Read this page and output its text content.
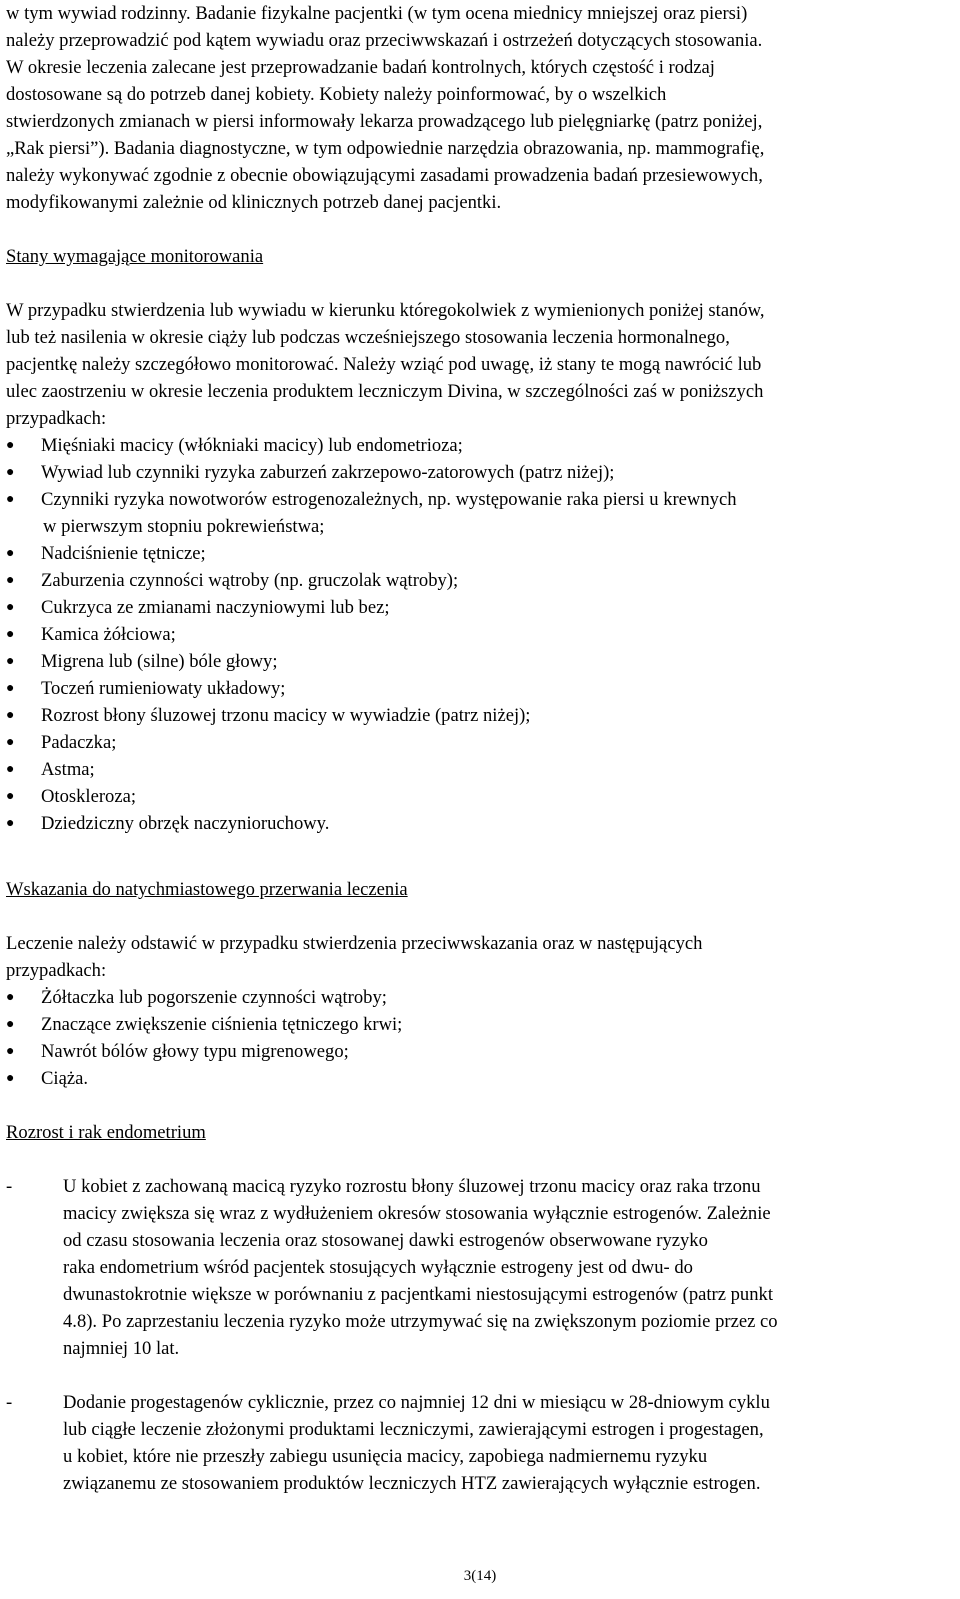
w tym wywiad rodzinny. Badanie fizykalne pacjentki (w tym ocena miednicy mniejszej oraz piersi)
należy przeprowadzić pod kątem wywiadu oraz przeciwwskazań i ostrzeżeń dotyczących stosowania.
W okresie leczenia zalecane jest przeprowadzanie badań kontrolnych, których częstość i rodzaj
dostosowane są do potrzeb danej kobiety. Kobiety należy poinformować, by o wszelkich
stwierdzonych zmianach w piersi informowały lekarza prowadzącego lub pielęgniarkę (patrz poniżej,
„Rak piersi”). Badania diagnostyczne, w tym odpowiednie narzędzia obrazowania, np. mammografię,
należy wykonywać zgodnie z obecnie obowiązującymi zasadami prowadzenia badań przesiewowych,
modyfikowanymi zależnie od klinicznych potrzeb danej pacjentki.

Stany wymagające monitorowania

W przypadku stwierdzenia lub wywiadu w kierunku któregokolwiek z wymienionych poniżej stanów,
lub też nasilenia w okresie ciąży lub podczas wcześniejszego stosowania leczenia hormonalnego,
pacjentkę należy szczegółowo monitorować. Należy wziąć pod uwagę, iż stany te mogą nawrócić lub
ulec zaostrzeniu w okresie leczenia produktem leczniczym Divina, w szczególności zaś w poniższych
przypadkach:

●	Mięśniaki macicy (włókniaki macicy) lub endometrioza;
●	Wywiad lub czynniki ryzyka zaburzeń zakrzepowo-zatorowych (patrz niżej);
●	Czynniki ryzyka nowotworów estrogenozależnych, np. występowanie raka piersi u krewnych
w pierwszym stopniu pokrewieństwa;
●	Nadciśnienie tętnicze;
●	Zaburzenia czynności wątroby (np. gruczolak wątroby);
●	Cukrzyca ze zmianami naczyniowymi lub bez;
●	Kamica żółciowa;
●	Migrena lub (silne) bóle głowy;
●	Toczeń rumieniowaty układowy;
●	Rozrost błony śluzowej trzonu macicy w wywiadzie (patrz niżej);
●	Padaczka;
●	Astma;
●	Otoskleroza;
●	Dziedziczny obrzęk naczynioruchowy.

Wskazania do natychmiastowego przerwania leczenia

Leczenie należy odstawić w przypadku stwierdzenia przeciwwskazania oraz w następujących
przypadkach:

●	Żółtaczka lub pogorszenie czynności wątroby;
●	Znaczące zwiększenie ciśnienia tętniczego krwi;
●	Nawrót bólów głowy typu migrenowego;
●	Ciąża.

Rozrost i rak endometrium

-	U kobiet z zachowaną macicą ryzyko rozrostu błony śluzowej trzonu macicy oraz raka trzonu
macicy zwiększa się wraz z wydłużeniem okresów stosowania wyłącznie estrogenów. Zależnie
od czasu stosowania leczenia oraz stosowanej dawki estrogenów obserwowane ryzyko
raka endometrium wśród pacjentek stosujących wyłącznie estrogeny jest od dwu- do
dwunastokrotnie większe w porównaniu z pacjentkami niestosującymi estrogenów (patrz punkt
4.8). Po zaprzestaniu leczenia ryzyko może utrzymywać się na zwiększonym poziomie przez co
najmniej 10 lat.
-	Dodanie progestagenów cyklicznie, przez co najmniej 12 dni w miesiącu w 28-dniowym cyklu
lub ciągłe leczenie złożonymi produktami leczniczymi, zawierającymi estrogen i progestagen,
u kobiet, które nie przeszły zabiegu usunięcia macicy, zapobiega nadmiernemu ryzyku
związanemu ze stosowaniem produktów leczniczych HTZ zawierających wyłącznie estrogen.
3(14)
